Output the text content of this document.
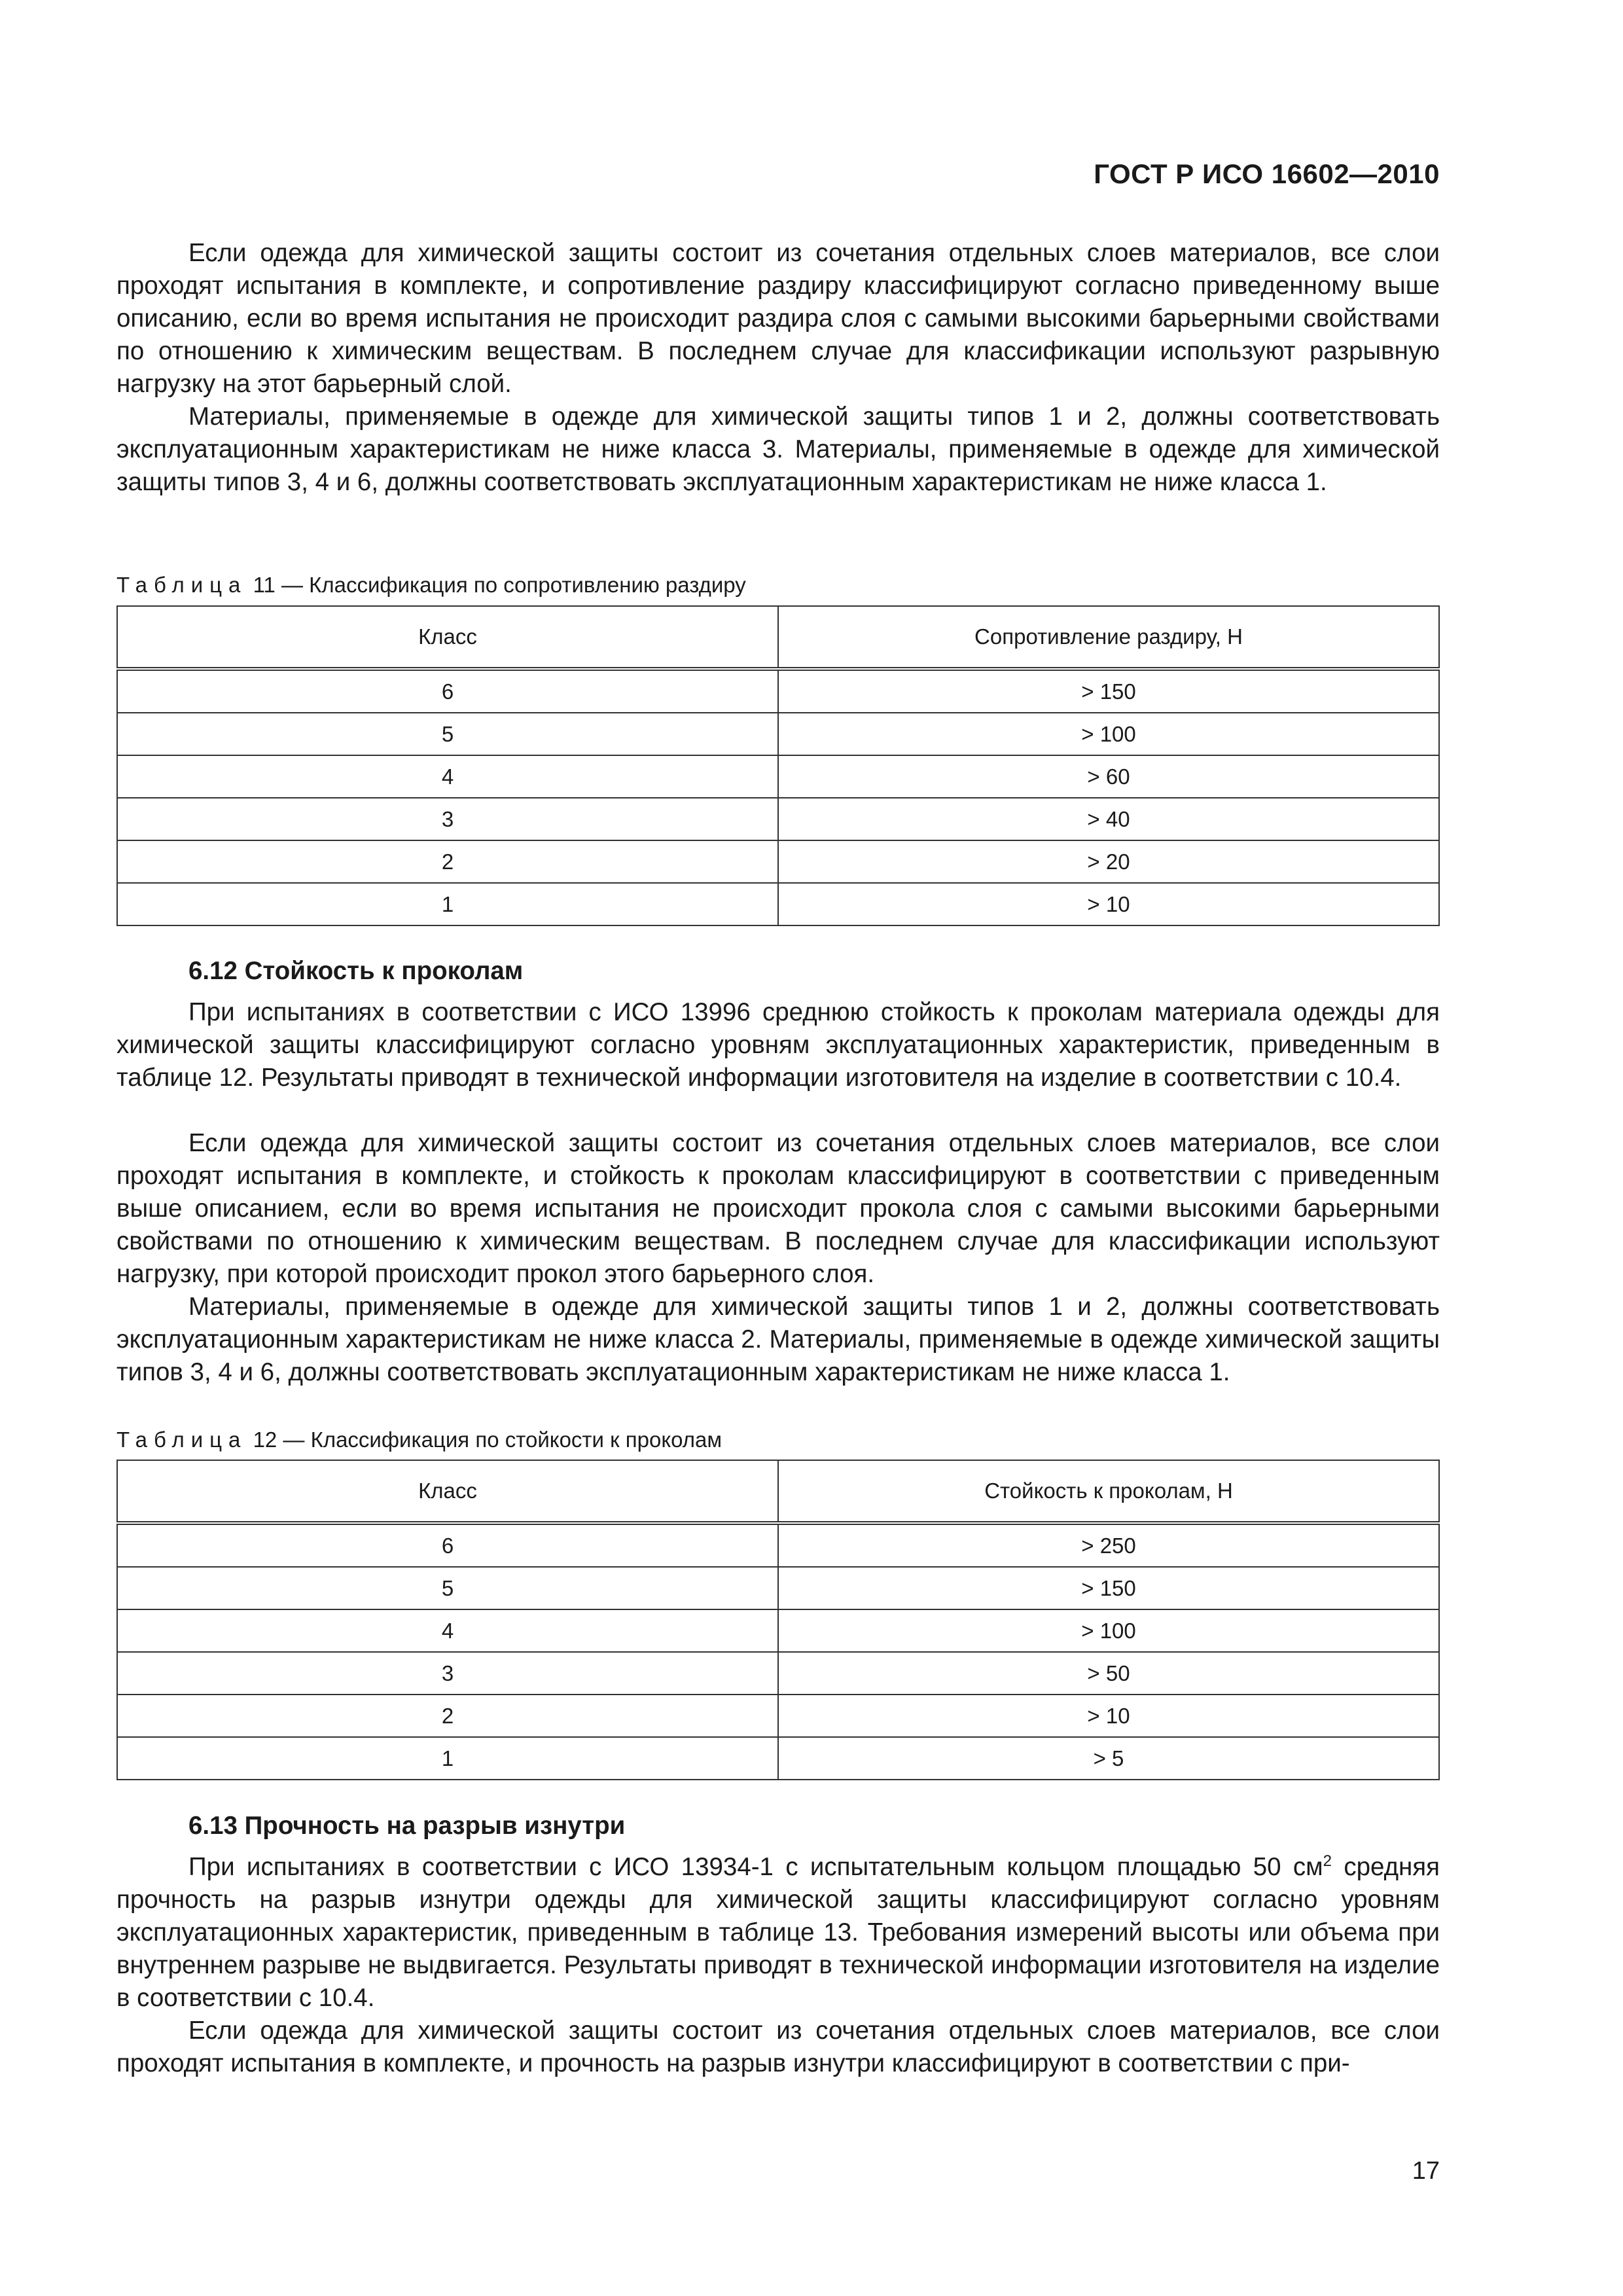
ГОСТ Р ИСО 16602—2010

Если одежда для химической защиты состоит из сочетания отдельных слоев материалов, все слои проходят испытания в комплекте, и сопротивление раздиру классифицируют согласно приведенному выше описанию, если во время испытания не происходит раздира слоя с самыми высокими барьерными свойствами по отношению к химическим веществам. В последнем случае для классификации используют разрывную нагрузку на этот барьерный слой.

Материалы, применяемые в одежде для химической защиты типов 1 и 2, должны соответствовать эксплуатационным характеристикам не ниже класса 3. Материалы, применяемые в одежде для химической защиты типов 3, 4 и 6, должны соответствовать эксплуатационным характеристикам не ниже класса 1.

Таблица 11 — Классификация по сопротивлению раздиру
Класс	Сопротивление раздиру, Н
6	> 150
5	> 100
4	> 60
3	> 40
2	> 20
1	> 10
6.12 Стойкость к проколам

При испытаниях в соответствии с ИСО 13996 среднюю стойкость к проколам материала одежды для химической защиты классифицируют согласно уровням эксплуатационных характеристик, приведенным в таблице 12. Результаты приводят в технической информации изготовителя на изделие в соответствии с 10.4.

Если одежда для химической защиты состоит из сочетания отдельных слоев материалов, все слои проходят испытания в комплекте, и стойкость к проколам классифицируют в соответствии с приведенным выше описанием, если во время испытания не происходит прокола слоя с самыми высокими барьерными свойствами по отношению к химическим веществам. В последнем случае для классификации используют нагрузку, при которой происходит прокол этого барьерного слоя.

Материалы, применяемые в одежде для химической защиты типов 1 и 2, должны соответствовать эксплуатационным характеристикам не ниже класса 2. Материалы, применяемые в одежде химической защиты типов 3, 4 и 6, должны соответствовать эксплуатационным характеристикам не ниже класса 1.

Таблица 12 — Классификация по стойкости к проколам
Класс	Стойкость к проколам, Н
6	> 250
5	> 150
4	> 100
3	> 50
2	> 10
1	> 5
6.13 Прочность на разрыв изнутри

При испытаниях в соответствии с ИСО 13934-1 с испытательным кольцом площадью 50 $см^2$ средняя прочность на разрыв изнутри одежды для химической защиты классифицируют согласно уровням эксплуатационных характеристик, приведенным в таблице 13. Требования измерений высоты или объема при внутреннем разрыве не выдвигается. Результаты приводят в технической информации изготовителя на изделие в соответствии с 10.4.

Если одежда для химической защиты состоит из сочетания отдельных слоев материалов, все слои проходят испытания в комплекте, и прочность на разрыв изнутри классифицируют в соответствии с при-

17
